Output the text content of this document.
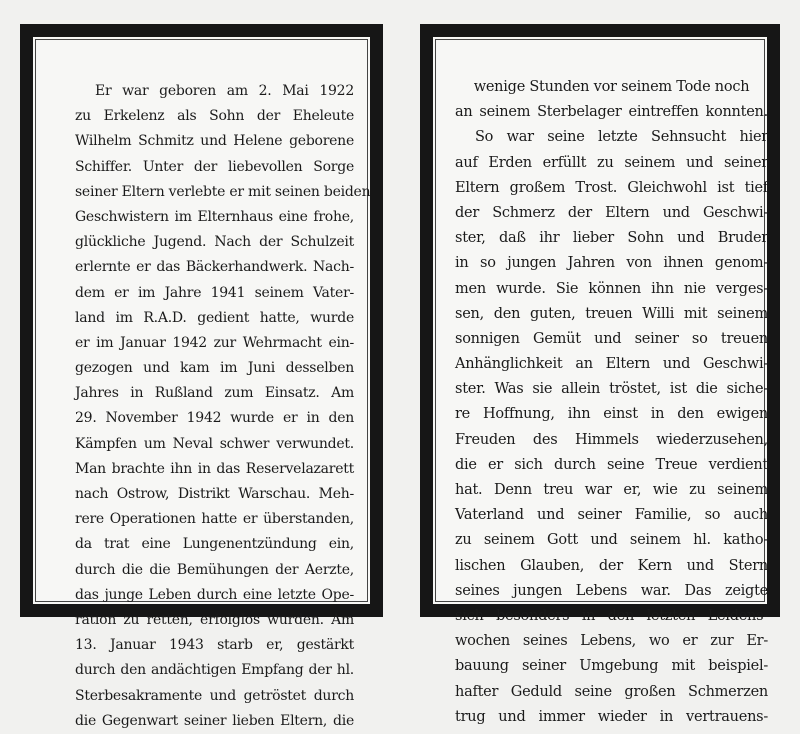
Er war geboren am 2. Mai 1922
zu Erkelenz als Sohn der Eheleute
Wilhelm Schmitz und Helene geborene
Schiffer. Unter der liebevollen Sorge
seiner Eltern verlebte er mit seinen beiden
Geschwistern im Elternhaus eine frohe,
glückliche Jugend. Nach der Schulzeit
erlernte er das Bäckerhandwerk. Nach-
dem er im Jahre 1941 seinem Vater-
land im R.A.D. gedient hatte, wurde
er im Januar 1942 zur Wehrmacht ein-
gezogen und kam im Juni desselben
Jahres in Rußland zum Einsatz. Am
29. November 1942 wurde er in den
Kämpfen um Neval schwer verwundet.
Man brachte ihn in das Reservelazarett
nach Ostrow, Distrikt Warschau. Meh-
rere Operationen hatte er überstanden,
da trat eine Lungenentzündung ein,
durch die die Bemühungen der Aerzte,
das junge Leben durch eine letzte Ope-
ration zu retten, erfolglos wurden. Am
13. Januar 1943 starb er, gestärkt
durch den andächtigen Empfang der hl.
Sterbesakramente und getröstet durch
die Gegenwart seiner lieben Eltern, die

wenige Stunden vor seinem Tode noch
an seinem Sterbelager eintreffen konnten.
So war seine letzte Sehnsucht hier
auf Erden erfüllt zu seinem und seiner
Eltern großem Trost. Gleichwohl ist tief
der Schmerz der Eltern und Geschwi-
ster, daß ihr lieber Sohn und Bruder
in so jungen Jahren von ihnen genom-
men wurde. Sie können ihn nie verges-
sen, den guten, treuen Willi mit seinem
sonnigen Gemüt und seiner so treuen
Anhänglichkeit an Eltern und Geschwi-
ster. Was sie allein tröstet, ist die siche-
re Hoffnung, ihn einst in den ewigen
Freuden des Himmels wiederzusehen,
die er sich durch seine Treue verdient
hat. Denn treu war er, wie zu seinem
Vaterland und seiner Familie, so auch
zu seinem Gott und seinem hl. katho-
lischen Glauben, der Kern und Stern
seines jungen Lebens war. Das zeigte
sich besonders in den letzten Leidens-
wochen seines Lebens, wo er zur Er-
bauung seiner Umgebung mit beispiel-
hafter Geduld seine großen Schmerzen
trug und immer wieder in vertrauens-
